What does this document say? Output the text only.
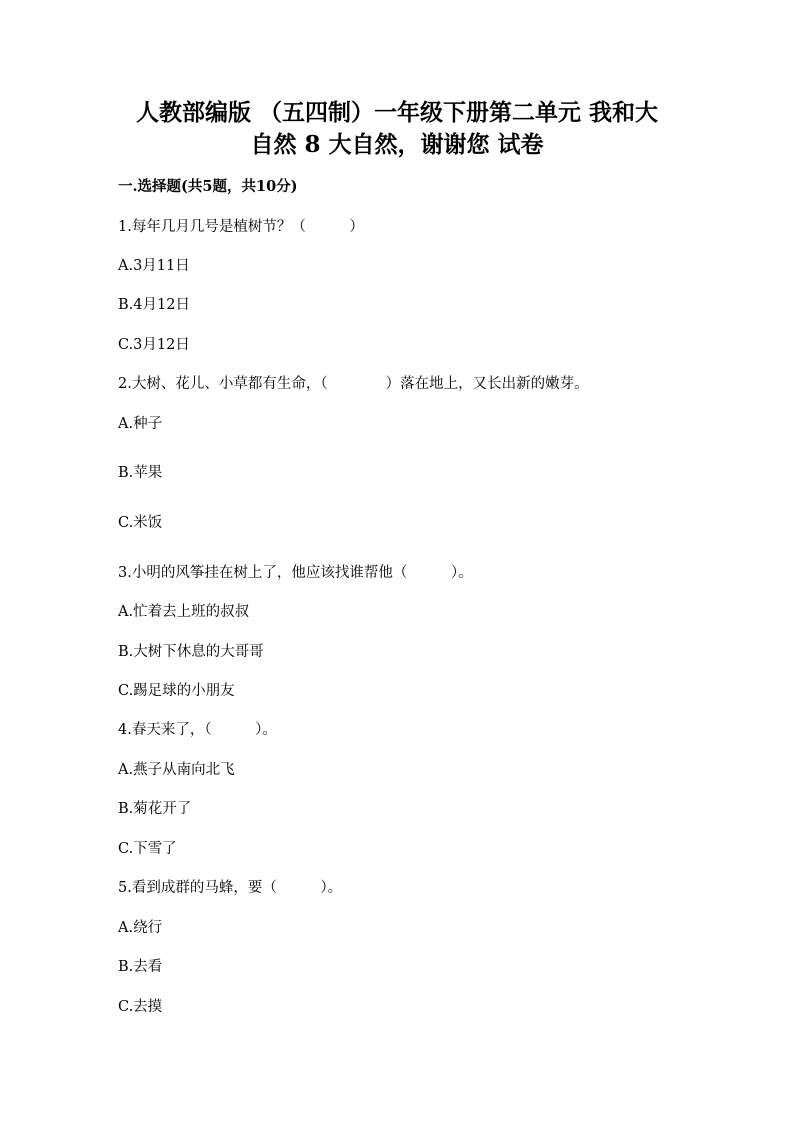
人教部编版 （五四制）一年级下册第二单元 我和大
自然 8 大自然，谢谢您 试卷
一.选择题(共5题，共10分)
1.每年几月几号是植树节？（　　　）
A.3月11日
B.4月12日
C.3月12日
2.大树、花儿、小草都有生命，（　　　　）落在地上，又长出新的嫩芽。
A.种子
B.苹果
C.米饭
3.小明的风筝挂在树上了，他应该找谁帮他（　　　）。
A.忙着去上班的叔叔
B.大树下休息的大哥哥
C.踢足球的小朋友
4.春天来了，（　　　）。
A.燕子从南向北飞
B.菊花开了
C.下雪了
5.看到成群的马蜂，要（　　　）。
A.绕行
B.去看
C.去摸
